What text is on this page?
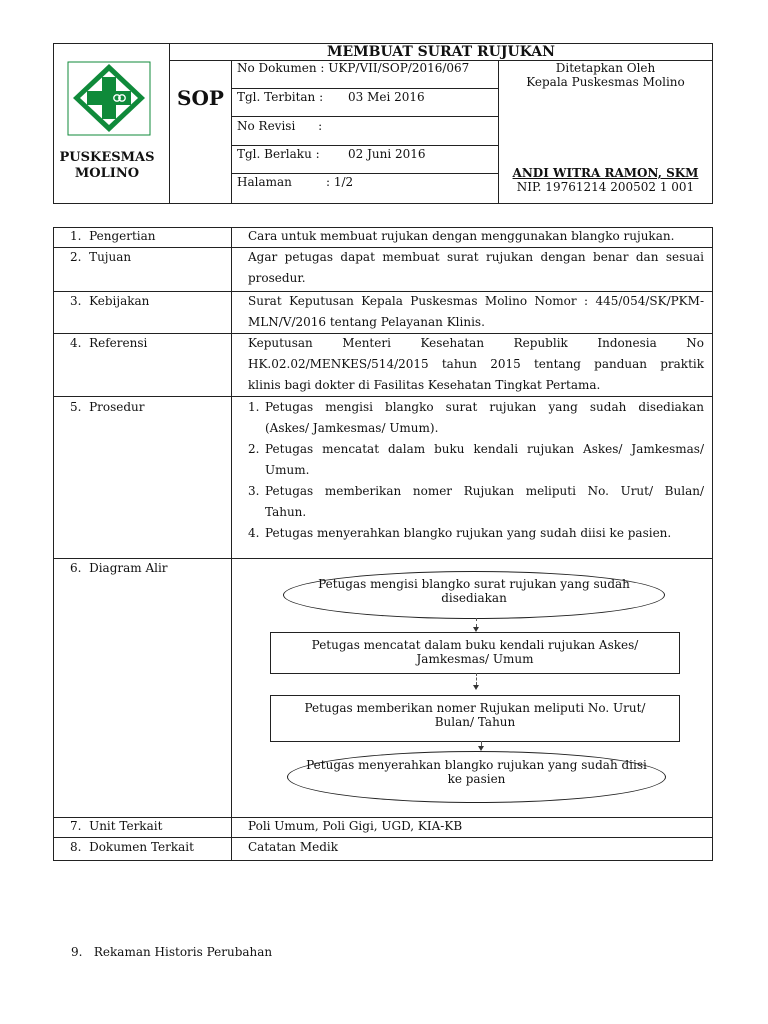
MEMBUAT SURAT RUJUKAN
PUSKESMAS
MOLINO
SOP
No Dokumen : UKP/VII/SOP/2016/067
Tgl. Terbitan : 03 Mei 2016
No Revisi      :
Tgl. Berlaku : 02 Juni 2016
Halaman	: 1/2
Ditetapkan Oleh
Kepala Puskesmas Molino
ANDI WITRA RAMON, SKM
NIP. 19761214 200502 1 001
1.  Pengertian	Cara untuk membuat rujukan dengan menggunakan blangko rujukan.
2.  Tujuan	Agar petugas dapat membuat surat rujukan dengan benar dan sesuai
prosedur.
3.  Kebijakan	Surat Keputusan Kepala Puskesmas Molino Nomor : 445/054/SK/PKM-
MLN/V/2016 tentang Pelayanan Klinis.
4.  Referensi	Keputusan Menteri Kesehatan Republik Indonesia No
HK.02.02/MENKES/514/2015 tahun 2015 tentang panduan praktik
klinis bagi dokter di Fasilitas Kesehatan Tingkat Pertama.
5.  Prosedur	1. Petugas mengisi blangko surat rujukan yang sudah disediakan
(Askes/ Jamkesmas/ Umum).
2. Petugas mencatat dalam buku kendali rujukan Askes/ Jamkesmas/
Umum.
3. Petugas memberikan nomer Rujukan meliputi No. Urut/ Bulan/
Tahun.
4. Petugas menyerahkan blangko rujukan yang sudah diisi ke pasien.
6.  Diagram Alir
Petugas mengisi blangko surat rujukan yang sudah
disediakan
Petugas mencatat dalam buku kendali rujukan Askes/
Jamkesmas/ Umum
Petugas memberikan nomer Rujukan meliputi No. Urut/
Bulan/ Tahun
Petugas menyerahkan blangko rujukan yang sudah diisi
ke pasien
7.  Unit Terkait	Poli Umum, Poli Gigi, UGD, KIA-KB
8.  Dokumen Terkait	Catatan Medik
9.   Rekaman Historis Perubahan
